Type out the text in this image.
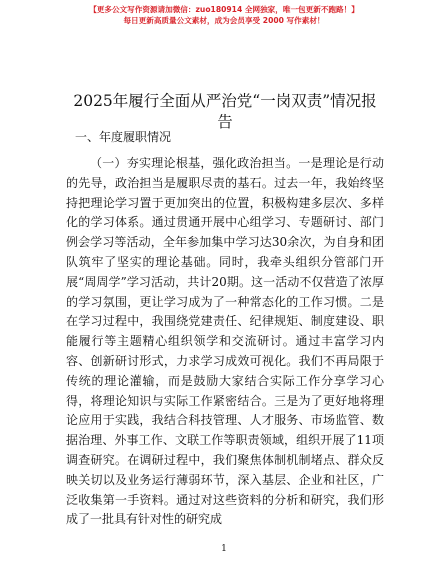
【更多公文写作资源请加微信：zuo180914 全网独家，唯一包更新不跑路！】
每日更新高质量公文素材，成为会员享受 2000 写作素材！
2025年履行全面从严治党“一岗双责”情况报告
一、年度履职情况

（一）夯实理论根基，强化政治担当。一是理论是行动的先导，政治担当是履职尽责的基石。过去一年，我始终坚持把理论学习置于更加突出的位置，积极构建多层次、多样化的学习体系。通过贯通开展中心组学习、专题研讨、部门例会学习等活动，全年参加集中学习达30余次，为自身和团队筑牢了坚实的理论基础。同时，我牵头组织分管部门开展“周周学”学习活动，共计20期。这一活动不仅营造了浓厚的学习氛围，更让学习成为了一种常态化的工作习惯。二是在学习过程中，我围绕党建责任、纪律规矩、制度建设、职能履行等主题精心组织领学和交流研讨。通过丰富学习内容、创新研讨形式，力求学习成效可视化。我们不再局限于传统的理论灌输，而是鼓励大家结合实际工作分享学习心得，将理论知识与实际工作紧密结合。三是为了更好地将理论应用于实践，我结合科技管理、人才服务、市场监管、数据治理、外事工作、文联工作等职责领域，组织开展了11项调查研究。在调研过程中，我们聚焦体制机制堵点、群众反映关切以及业务运行薄弱环节，深入基层、企业和社区，广泛收集第一手资料。通过对这些资料的分析和研究，我们形成了一批具有针对性的研究成

1
